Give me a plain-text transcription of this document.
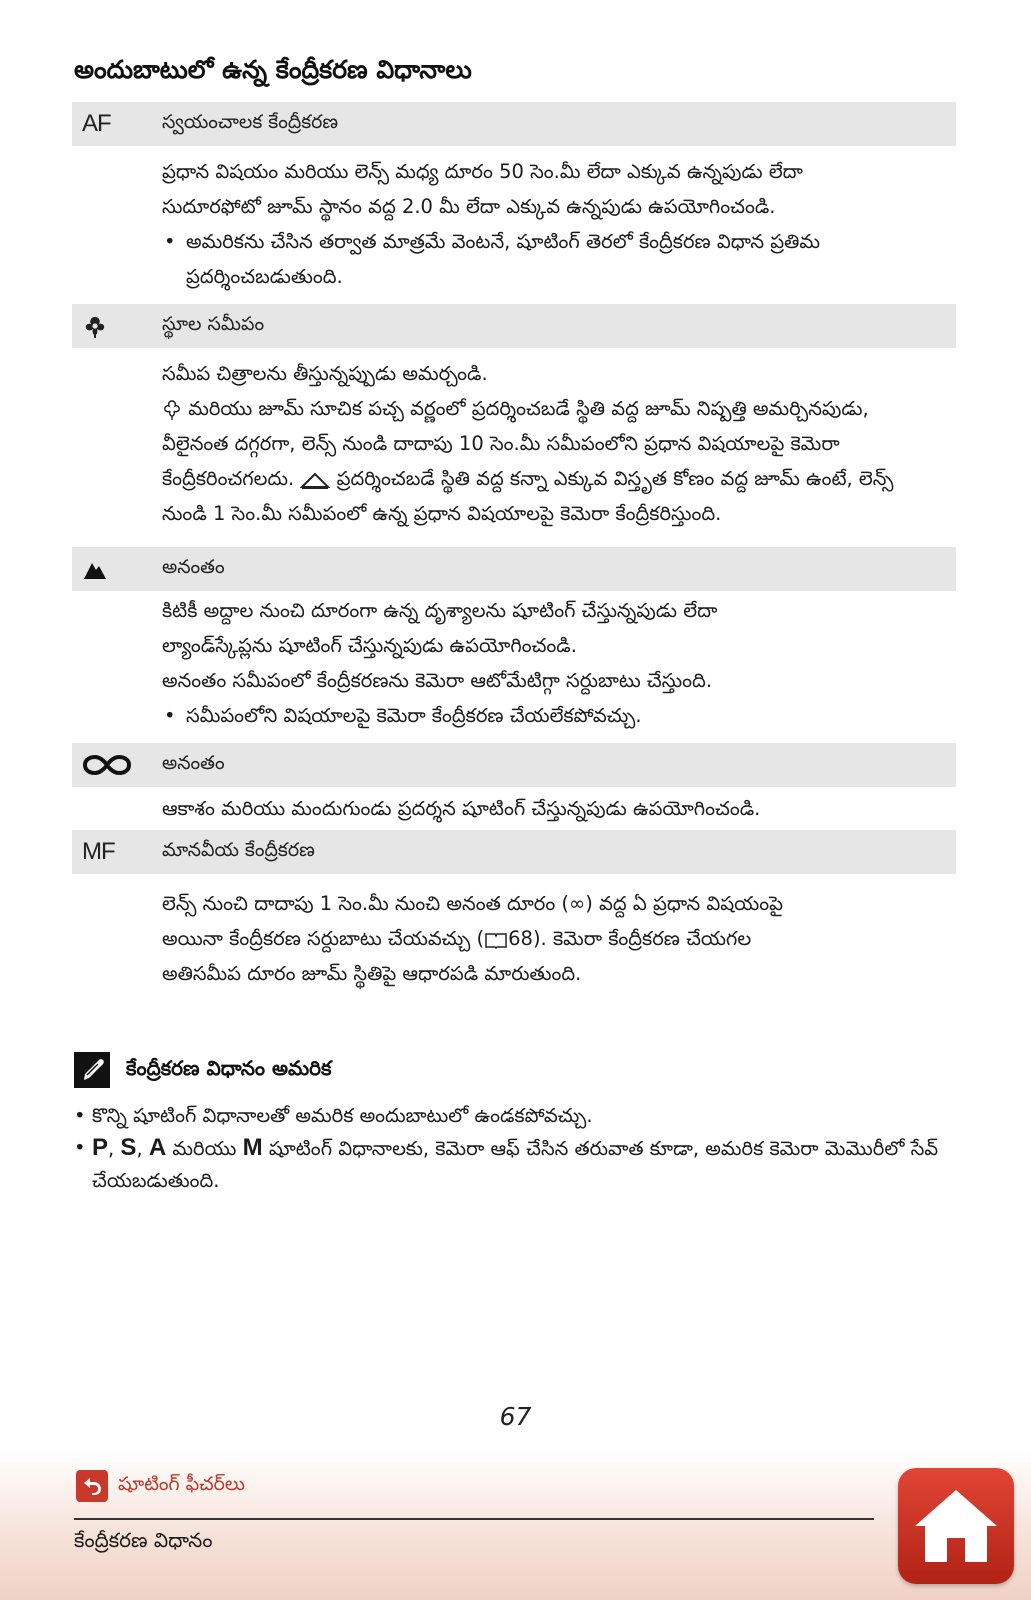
అందుబాటులో ఉన్న కేంద్రీకరణ విధానాలు
AF	స్వయంచాలక కేంద్రీకరణ

ప్రధాన విషయం మరియు లెన్స్ మధ్య దూరం 50 సెం.మీ లేదా ఎక్కువ ఉన్నపుడు లేదా

సుదూరఫోటో జూమ్ స్థానం వద్ద 2.0 మీ లేదా ఎక్కువ ఉన్నపుడు ఉపయోగించండి.

• అమరికను చేసిన తర్వాత మాత్రమే వెంటనే, షూటింగ్ తెరలో కేంద్రీకరణ విధాన ప్రతిమ ప్రదర్శించబడుతుంది.

స్థూల సమీపం

సమీప చిత్రాలను తీస్తున్నప్పుడు అమర్చండి.

మరియు జూమ్ సూచిక పచ్చ వర్ణంలో ప్రదర్శించబడే స్థితి వద్ద జూమ్ నిష్పత్తి అమర్చినపుడు, వీలైనంత దగ్గరగా, లెన్స్ నుండి దాదాపు 10 సెం.మీ సమీపంలోని ప్రధాన విషయాలపై కెమెరా కేంద్రీకరించగలదు. ప్రదర్శించబడే స్థితి వద్ద కన్నా ఎక్కువ విస్తృత కోణం వద్ద జూమ్ ఉంటే, లెన్స్ నుండి 1 సెం.మీ సమీపంలో ఉన్న ప్రధాన విషయాలపై కెమెరా కేంద్రీకరిస్తుంది.

అనంతం

కిటికీ అద్దాల నుంచి దూరంగా ఉన్న దృశ్యాలను షూటింగ్ చేస్తున్నపుడు లేదా

ల్యాండ్‌స్కేప్లను షూటింగ్ చేస్తున్నపుడు ఉపయోగించండి.

అనంతం సమీపంలో కేంద్రీకరణను కెమెరా ఆటోమేటిగ్గా సర్దుబాటు చేస్తుంది.

• సమీపంలోని విషయాలపై కెమెరా కేంద్రీకరణ చేయలేకపోవచ్చు.

అనంతం

ఆకాశం మరియు మందుగుండు ప్రదర్శన షూటింగ్ చేస్తున్నపుడు ఉపయోగించండి.

MF	మానవీయ కేంద్రీకరణ

లెన్స్ నుంచి దాదాపు 1 సెం.మీ నుంచి అనంత దూరం (∞) వద్ద ఏ ప్రధాన విషయంపై

అయినా కేంద్రీకరణ సర్దుబాటు చేయవచ్చు ( 68). కెమెరా కేంద్రీకరణ చేయగల

అతిసమీప దూరం జూమ్ స్థితిపై ఆధారపడి మారుతుంది.

కేంద్రీకరణ విధానం అమరిక
• కొన్ని షూటింగ్ విధానాలతో అమరిక అందుబాటులో ఉండకపోవచ్చు.
• P, S, A మరియు M షూటింగ్ విధానాలకు, కెమెరా ఆఫ్ చేసిన తరువాత కూడా, అమరిక కెమెరా మెమొరీలో సేవ్ చేయబడుతుంది.
67
షూటింగ్ ఫీచర్‌లు
కేంద్రీకరణ విధానం
